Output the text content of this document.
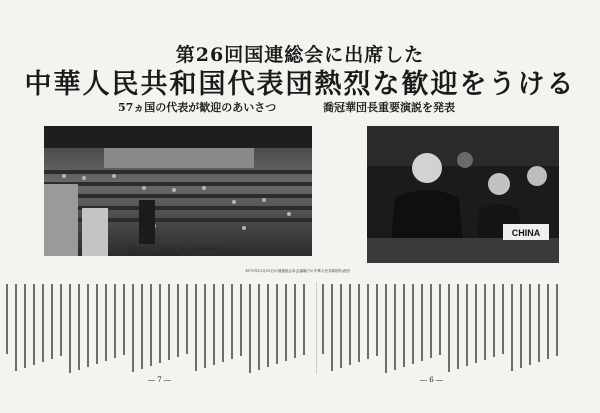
第26回国連総会に出席した
中華人民共和国代表団熱烈な歓迎をうける
57ヵ国の代表が歓迎のあいさつ	喬冠華団長重要演説を発表
喬冠華団長（左）の演説を熱心に聞く各国代表団の代表たち。1971年11月15日、国連総会本会議場で
1971年11月15日の国連総会本会議場での中華人民共和国代表団
CHINA
― 7 ―	― 6 ―
